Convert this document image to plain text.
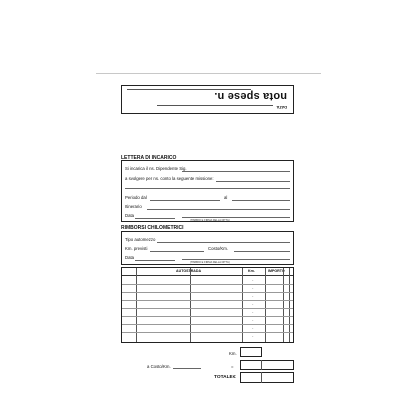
DATA
nota spese n.
LETTERA DI INCARICO
Si incarica il ns. Dipendente Sig.
a svolgere per ns. conto la seguente missione:
Periodo dal	al
Itinerario
Data
(TIMBRO E FIRMA DELLA DITTA)
RIMBORSI CHILOMETRICI
Tipo automezzo
Km. previsti	Costo/Km.
Data
(TIMBRO E FIRMA DELLA DITTA)
AUTOSTRADA	Km.	IMPORTO
-
-
-
-
-
-
-
-
Km.
a Costo/Km.	=
TOTALE €
